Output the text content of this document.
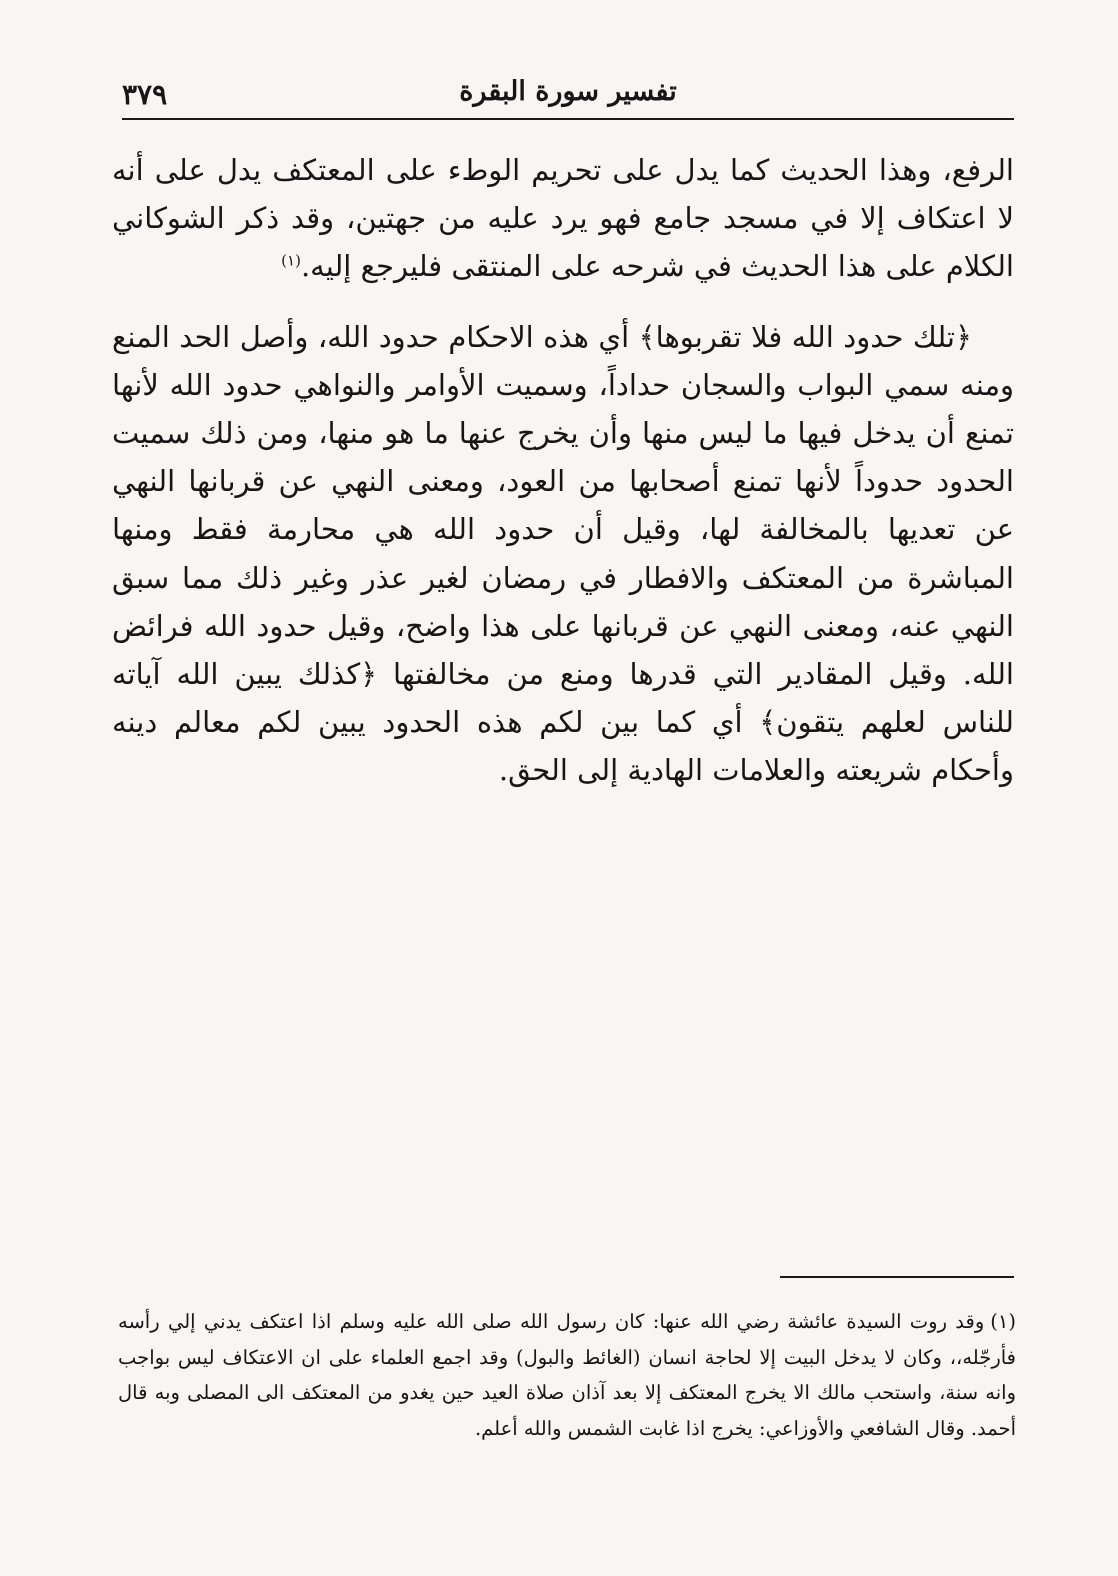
٣٧٩	تفسير سورة البقرة

الرفع، وهذا الحديث كما يدل على تحريم الوطء على المعتكف يدل على أنه لا اعتكاف إلا في مسجد جامع فهو يرد عليه من جهتين، وقد ذكر الشوكاني الكلام على هذا الحديث في شرحه على المنتقى فليرجع إليه.$^{(١)}$

﴿تلك حدود الله فلا تقربوها﴾ أي هذه الاحكام حدود الله، وأصل الحد المنع ومنه سمي البواب والسجان حداداً، وسميت الأوامر والنواهي حدود الله لأنها تمنع أن يدخل فيها ما ليس منها وأن يخرج عنها ما هو منها، ومن ذلك سميت الحدود حدوداً لأنها تمنع أصحابها من العود، ومعنى النهي عن قربانها النهي عن تعديها بالمخالفة لها، وقيل أن حدود الله هي محارمة فقط ومنها المباشرة من المعتكف والافطار في رمضان لغير عذر وغير ذلك مما سبق النهي عنه، ومعنى النهي عن قربانها على هذا واضح، وقيل حدود الله فرائض الله. وقيل المقادير التي قدرها ومنع من مخالفتها ﴿كذلك يبين الله آياته للناس لعلهم يتقون﴾ أي كما بين لكم هذه الحدود يبين لكم معالم دينه وأحكام شريعته والعلامات الهادية إلى الحق.

(١)وقد روت السيدة عائشة رضي الله عنها: كان رسول الله صلى الله عليه وسلم اذا اعتكف يدني إلي رأسه فأرجّله،، وكان لا يدخل البيت إلا لحاجة انسان (الغائط والبول) وقد اجمع العلماء على ان الاعتكاف ليس بواجب وانه سنة، واستحب مالك الا يخرج المعتكف إلا بعد آذان صلاة العيد حين يغدو من المعتكف الى المصلى وبه قال أحمد. وقال الشافعي والأوزاعي: يخرج اذا غابت الشمس والله أعلم.
